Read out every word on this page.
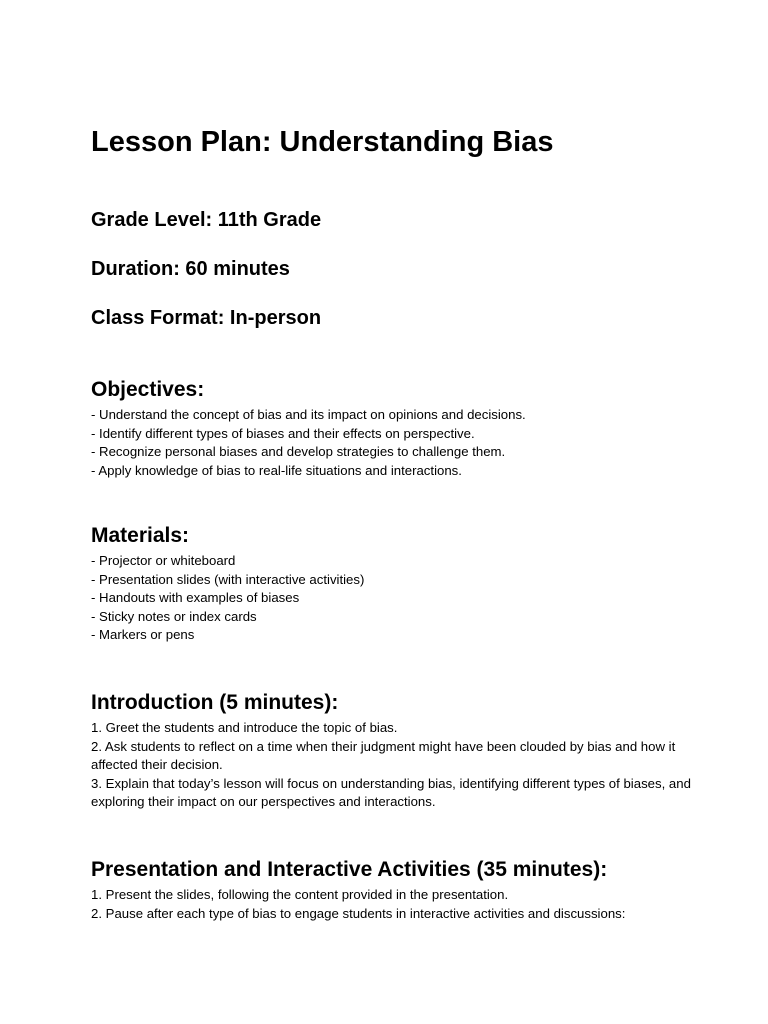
Lesson Plan: Understanding Bias

Grade Level: 11th Grade

Duration: 60 minutes

Class Format: In-person

Objectives:
- Understand the concept of bias and its impact on opinions and decisions.
- Identify different types of biases and their effects on perspective.
- Recognize personal biases and develop strategies to challenge them.
- Apply knowledge of bias to real-life situations and interactions.
Materials:
- Projector or whiteboard
- Presentation slides (with interactive activities)
- Handouts with examples of biases
- Sticky notes or index cards
- Markers or pens
Introduction (5 minutes):
1. Greet the students and introduce the topic of bias.
2. Ask students to reflect on a time when their judgment might have been clouded by bias and how it affected their decision.
3. Explain that today’s lesson will focus on understanding bias, identifying different types of biases, and exploring their impact on our perspectives and interactions.
Presentation and Interactive Activities (35 minutes):
1. Present the slides, following the content provided in the presentation.
2. Pause after each type of bias to engage students in interactive activities and discussions:
